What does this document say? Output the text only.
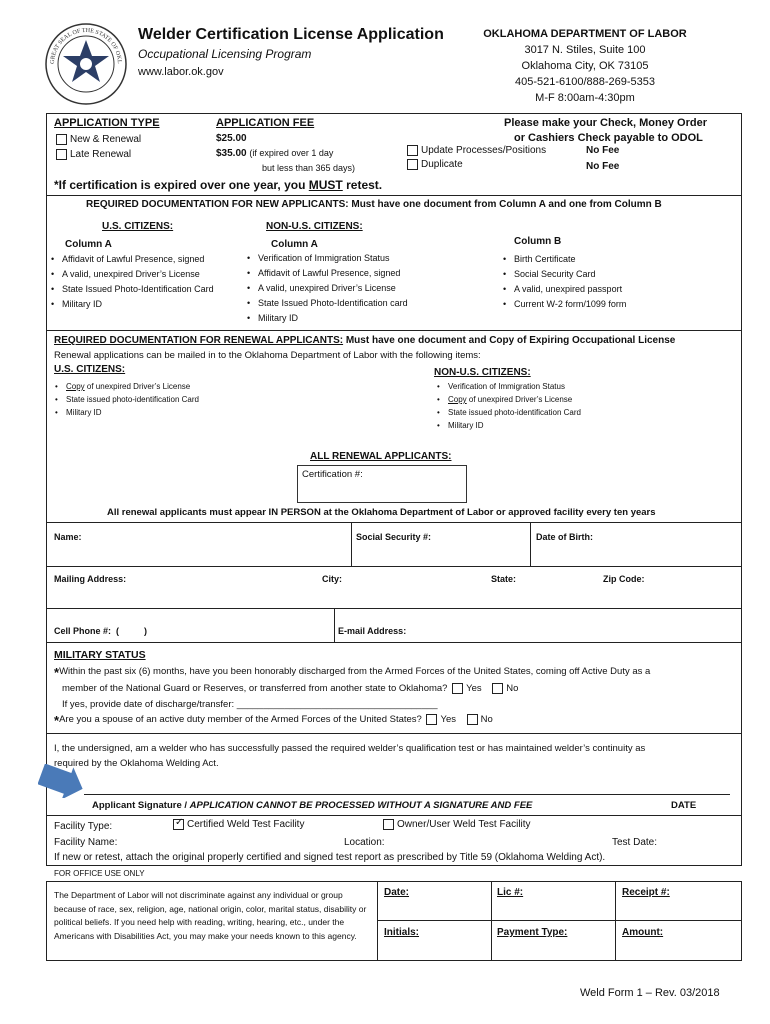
GREAT SEAL OF THE STATE OF OKL
Welder Certification License Application
Occupational Licensing Program
www.labor.ok.gov
OKLAHOMA DEPARTMENT OF LABOR
3017 N. Stiles, Suite 100
Oklahoma City, OK 73105
405-521-6100/888-269-5353
M-F 8:00am-4:30pm
APPLICATION TYPE
New & Renewal
Late Renewal
APPLICATION FEE
$25.00
$35.00 (if expired over 1 day
but less than 365 days)
Update Processes/Positions
Duplicate
Please make your Check, Money Order
or Cashiers Check payable to ODOL
No Fee
No Fee
*If certification is expired over one year, you MUST retest.
REQUIRED DOCUMENTATION FOR NEW APPLICANTS: Must have one document from Column A and one from Column B
U.S. CITIZENS:	NON-U.S. CITIZENS:
Column A
• Affidavit of Lawful Presence, signed
• A valid, unexpired Driver’s License
• State Issued Photo-Identification Card
• Military ID
Column A
• Verification of Immigration Status
• Affidavit of Lawful Presence, signed
• A valid, unexpired Driver’s License
• State Issued Photo-Identification card
• Military ID
Column B
• Birth Certificate
• Social Security Card
• A valid, unexpired passport
• Current W-2 form/1099 form
REQUIRED DOCUMENTATION FOR RENEWAL APPLICANTS: Must have one document and Copy of Expiring Occupational License
Renewal applications can be mailed in to the Oklahoma Department of Labor with the following items:
U.S. CITIZENS:
• Copy of unexpired Driver’s License
• State issued photo-identification Card
• Military ID
NON-U.S. CITIZENS:
• Verification of Immigration Status
• Copy of unexpired Driver’s License
• State issued photo-identification Card
• Military ID
ALL RENEWAL APPLICANTS:
Certification #:
All renewal applicants must appear IN PERSON at the Oklahoma Department of Labor or approved facility every ten years
Name:	Social Security #:	Date of Birth:
Mailing Address:	City:	State:	Zip Code:
Cell Phone #:  (          )	E-mail Address:
MILITARY STATUS
*Within the past six (6) months, have you been honorably discharged from the Armed Forces of the United States, coming off Active Duty as a
member of the National Guard or Reserves, or transferred from another state to Oklahoma? Yes	No
If yes, provide date of discharge/transfer: ______________________________________
*Are you a spouse of an active duty member of the Armed Forces of the United States? Yes	No
I, the undersigned, am a welder who has successfully passed the required welder’s qualification test or has maintained welder’s continuity as
required by the Oklahoma Welding Act.
Applicant Signature / APPLICATION CANNOT BE PROCESSED WITHOUT A SIGNATURE AND FEE	DATE
Facility Type: ✓	Certified Weld Test Facility	Owner/User Weld Test Facility
Facility Name:	Location:	Test Date:
If new or retest, attach the original properly certified and signed test report as prescribed by Title 59 (Oklahoma Welding Act).
FOR OFFICE USE ONLY
The Department of Labor will not discriminate against any individual or group because of race, sex, religion, age, national origin, color, marital status, disability or political beliefs. If you need help with reading, writing, hearing, etc., under the Americans with Disabilities Act, you may make your needs known to this agency.
Date:	Lic #:	Receipt #:
Initials:	Payment Type:	Amount:
Weld Form 1 – Rev. 03/2018
